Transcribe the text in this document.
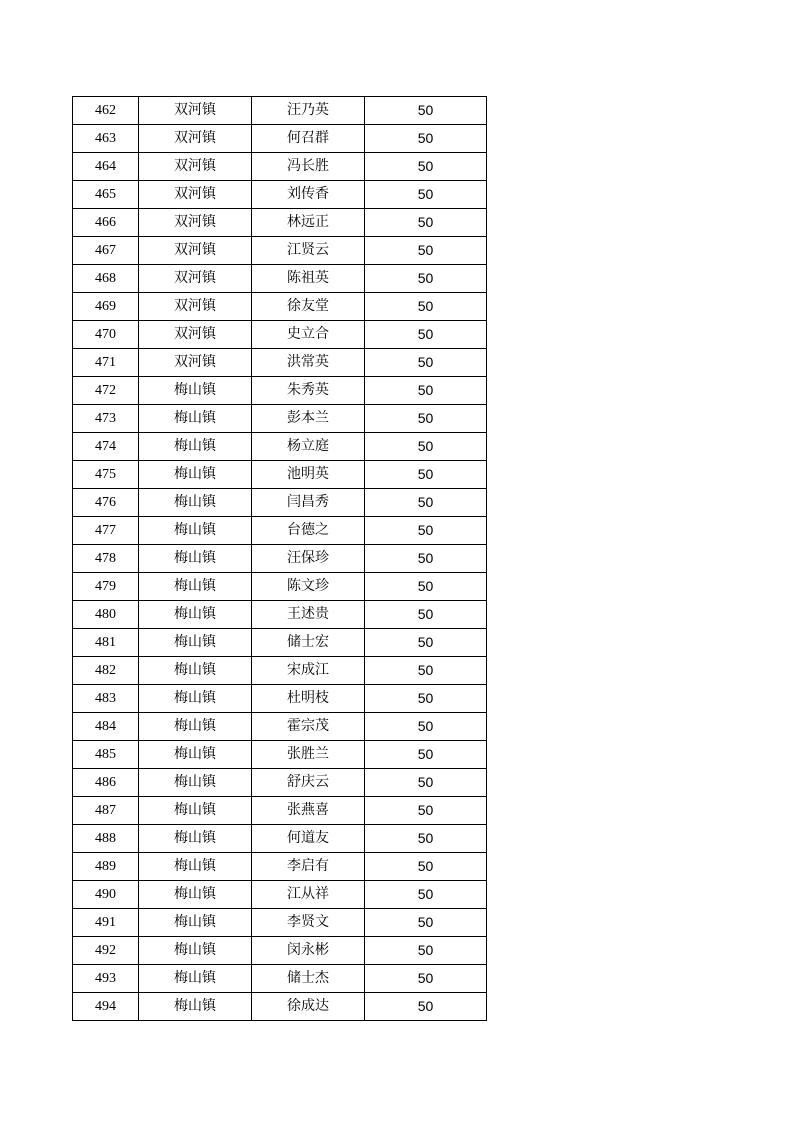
462	双河镇	汪乃英	50
463	双河镇	何召群	50
464	双河镇	冯长胜	50
465	双河镇	刘传香	50
466	双河镇	林远正	50
467	双河镇	江贤云	50
468	双河镇	陈祖英	50
469	双河镇	徐友堂	50
470	双河镇	史立合	50
471	双河镇	洪常英	50
472	梅山镇	朱秀英	50
473	梅山镇	彭本兰	50
474	梅山镇	杨立庭	50
475	梅山镇	池明英	50
476	梅山镇	闫昌秀	50
477	梅山镇	台德之	50
478	梅山镇	汪保珍	50
479	梅山镇	陈文珍	50
480	梅山镇	王述贵	50
481	梅山镇	储士宏	50
482	梅山镇	宋成江	50
483	梅山镇	杜明枝	50
484	梅山镇	霍宗茂	50
485	梅山镇	张胜兰	50
486	梅山镇	舒庆云	50
487	梅山镇	张燕喜	50
488	梅山镇	何道友	50
489	梅山镇	李启有	50
490	梅山镇	江从祥	50
491	梅山镇	李贤文	50
492	梅山镇	闵永彬	50
493	梅山镇	储士杰	50
494	梅山镇	徐成达	50
